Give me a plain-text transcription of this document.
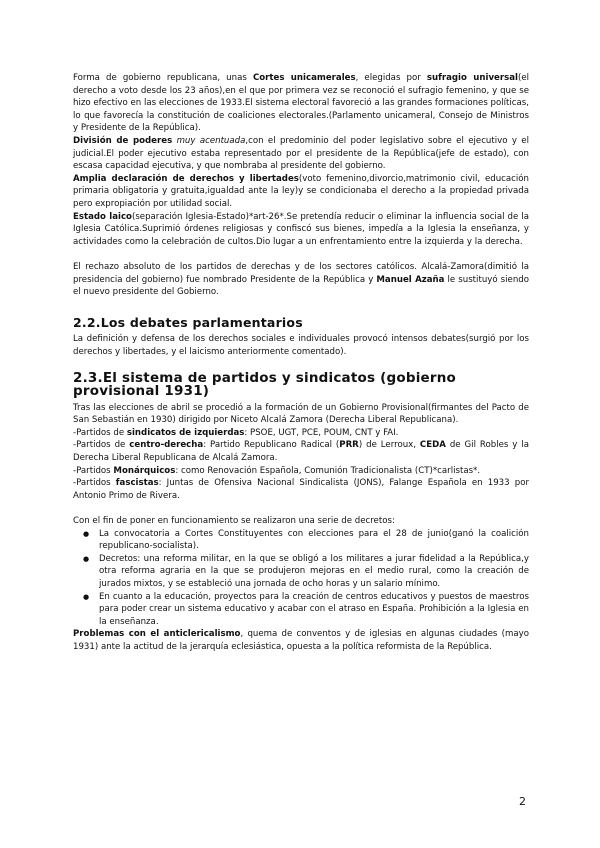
Forma de gobierno republicana, unas Cortes unicamerales, elegidas por sufragio universal(el derecho a voto desde los 23 años),en el que por primera vez se reconoció el sufragio femenino, y que se hizo efectivo en las elecciones de 1933.El sistema electoral favoreció a las grandes formaciones políticas, lo que favorecía la constitución de coaliciones electorales.(Parlamento unicameral, Consejo de Ministros y Presidente de la República).

División de poderes muy acentuada,con el predominio del poder legislativo sobre el ejecutivo y el judicial.El poder ejecutivo estaba representado por el presidente de la República(jefe de estado), con escasa capacidad ejecutiva, y que nombraba al presidente del gobierno.

Amplia declaración de derechos y libertades(voto femenino,divorcio,matrimonio civil, educación primaria obligatoria y gratuita,igualdad ante la ley)y se condicionaba el derecho a la propiedad privada pero expropiación por utilidad social.

Estado laico(separación Iglesia-Estado)*art-26*.Se pretendía reducir o eliminar la influencia social de la Iglesia Católica.Suprimió órdenes religiosas y confiscó sus bienes, impedía a la Iglesia la enseñanza, y actividades como la celebración de cultos.Dio lugar a un enfrentamiento entre la izquierda y la derecha.

El rechazo absoluto de los partidos de derechas y de los sectores católicos. Alcalá-Zamora(dimitió la presidencia del gobierno) fue nombrado Presidente de la República y Manuel Azaña le sustituyó siendo el nuevo presidente del Gobierno.

2.2.Los debates parlamentarios

La definición y defensa de los derechos sociales e individuales provocó intensos debates(surgió por los derechos y libertades, y el laicismo anteriormente comentado).

2.3.El sistema de partidos y sindicatos (gobierno provisional 1931)

Tras las elecciones de abril se procedió a la formación de un Gobierno Provisional(firmantes del Pacto de San Sebastián en 1930) dirigido por Niceto Alcalá Zamora (Derecha Liberal Republicana).

-Partidos de sindicatos de izquierdas: PSOE, UGT, PCE, POUM, CNT y FAI.

-Partidos de centro-derecha: Partido Republicano Radical (PRR) de Lerroux, CEDA de Gil Robles y la Derecha Liberal Republicana de Alcalá Zamora.

-Partidos Monárquicos: como Renovación Española, Comunión Tradicionalista (CT)*carlistas*.

-Partidos fascistas: Juntas de Ofensiva Nacional Sindicalista (JONS), Falange Española en 1933 por Antonio Primo de Rivera.

Con el fin de poner en funcionamiento se realizaron una serie de decretos:

● La convocatoria a Cortes Constituyentes con elecciones para el 28 de junio(ganó la coalición republicano-socialista).
● Decretos: una reforma militar, en la que se obligó a los militares a jurar fidelidad a la República,y otra reforma agraria en la que se produjeron mejoras en el medio rural, como la creación de jurados mixtos, y se estableció una jornada de ocho horas y un salario mínimo.
● En cuanto a la educación, proyectos para la creación de centros educativos y puestos de maestros para poder crear un sistema educativo y acabar con el atraso en España. Prohibición a la Iglesia en la enseñanza.

Problemas con el anticlericalismo, quema de conventos y de iglesias en algunas ciudades (mayo 1931) ante la actitud de la jerarquía eclesiástica, opuesta a la política reformista de la República.

2
